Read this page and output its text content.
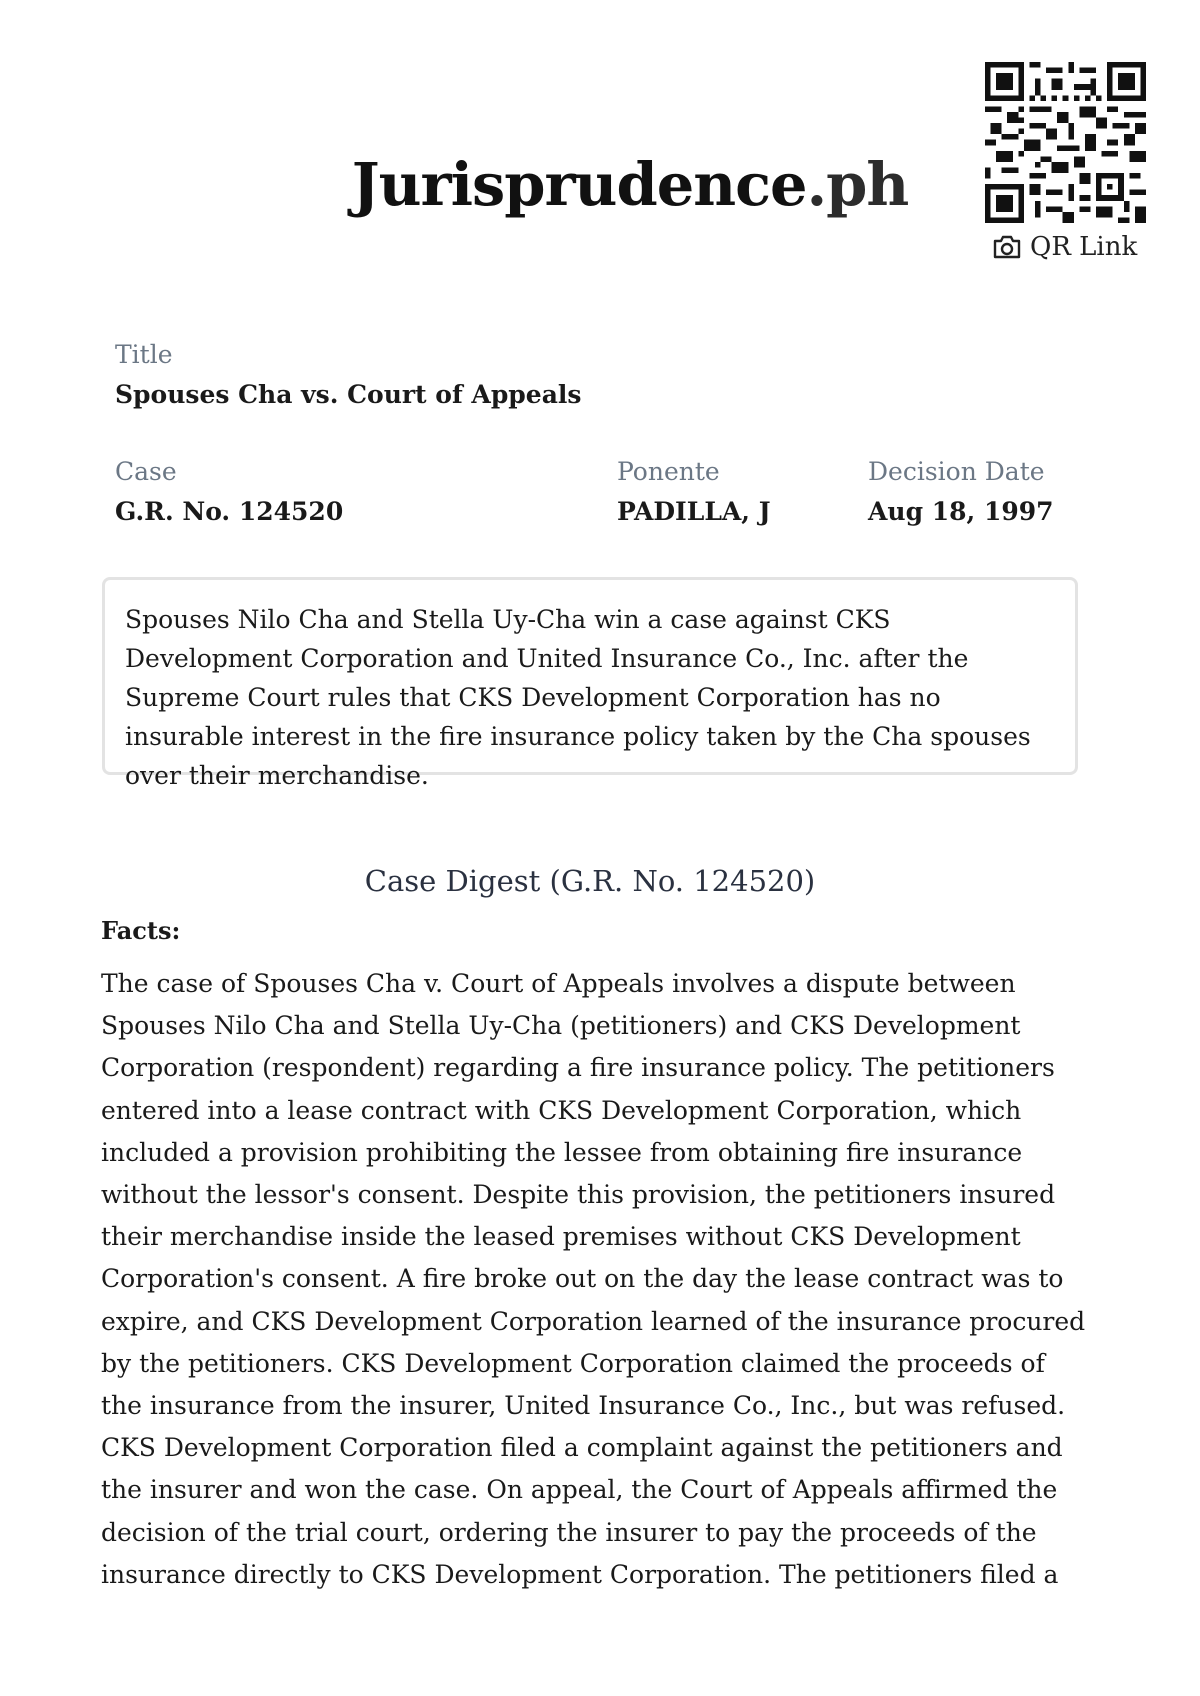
Jurisprudence.ph
QR Link
Title
Spouses Cha vs. Court of Appeals
Case
G.R. No. 124520
Ponente
PADILLA, J
Decision Date
Aug 18, 1997
Spouses Nilo Cha and Stella Uy-Cha win a case against CKS Development Corporation and United Insurance Co., Inc. after the Supreme Court rules that CKS Development Corporation has no insurable interest in the fire insurance policy taken by the Cha spouses over their merchandise.
Case Digest (G.R. No. 124520)
Facts:
The case of Spouses Cha v. Court of Appeals involves a dispute between Spouses Nilo Cha and Stella Uy-Cha (petitioners) and CKS Development Corporation (respondent) regarding a fire insurance policy. The petitioners entered into a lease contract with CKS Development Corporation, which included a provision prohibiting the lessee from obtaining fire insurance without the lessor's consent. Despite this provision, the petitioners insured their merchandise inside the leased premises without CKS Development Corporation's consent. A fire broke out on the day the lease contract was to expire, and CKS Development Corporation learned of the insurance procured by the petitioners. CKS Development Corporation claimed the proceeds of the insurance from the insurer, United Insurance Co., Inc., but was refused. CKS Development Corporation filed a complaint against the petitioners and the insurer and won the case. On appeal, the Court of Appeals affirmed the decision of the trial court, ordering the insurer to pay the proceeds of the insurance directly to CKS Development Corporation. The petitioners filed a
